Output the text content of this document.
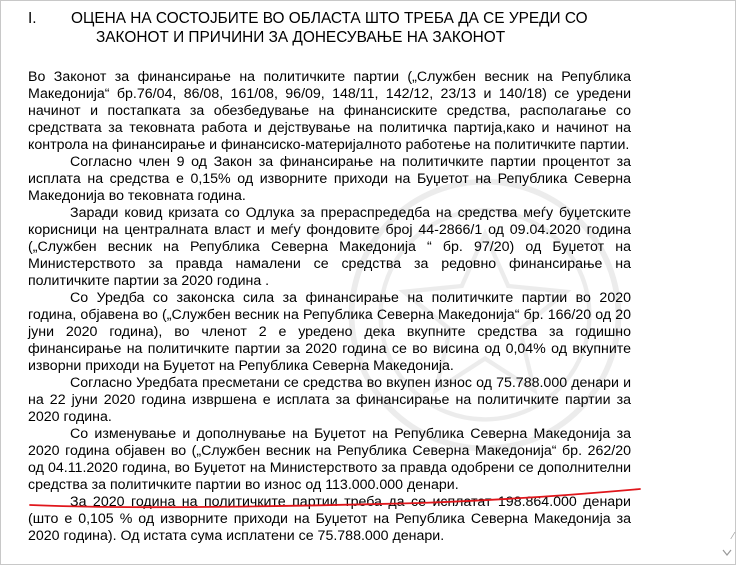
I. ОЦЕНА НА СОСТОЈБИТЕ ВО ОБЛАСТА ШТО ТРЕБА ДА СЕ УРЕДИ СО
ЗАКОНОТ И ПРИЧИНИ ЗА ДОНЕСУВАЊЕ НА ЗАКОНОТ

Во Законот за финансирање на политичките партии („Службен весник на Република Македонија“ бр.76/04, 86/08, 161/08, 96/09, 148/11, 142/12, 23/13 и 140/18) се уредени начинот и постапката за обезбедување на финансиските средства, располагање со средствата за тековната работа и дејствување на политичка партија,како и начинот на контрола на финансирање и финансиско-материјалното работење на политичките партии.

Согласно член 9 од Закон за финансирање на политичките партии процентот за исплата на средства е 0,15% од изворните приходи на Буџетот на Република Северна Македонија во тековната година.

Заради ковид кризата со Одлука за прераспредедба на средства меѓу буџетските корисници на централната власт и меѓу фондовите број 44-2866/1 од 09.04.2020 година („Службен весник на Република Северна Македонија “ бр. 97/20) од Буџетот на Министерството за правда намалени се средства за редовно финансирање на политичките партии за 2020 година .

Со Уредба со законска сила за финансирање на политичките партии во 2020 година, објавена во („Службен весник на Република Северна Македонија“ бр. 166/20 од 20 јуни 2020 година), во членот 2 е уредено дека вкупните средства за годишно финансирање на политичките партии за 2020 година се во висина од 0,04% од вкупните изворни приходи на Буџетот на Република Северна Македонија.

Согласно Уредбата пресметани се средства во вкупен износ од 75.788.000 денари и на 22 јуни 2020 година извршена е исплата за финансирање на политичките партии за 2020 година.

Со изменување и дополнување на Буџетот на Република Северна Македонија за 2020 година објавен во („Службен весник на Република Северна Македонија“ бр. 262/20 од 04.11.2020 година, во Буџетот на Министерството за правда одобрени се дополнителни средства за политичките партии во износ од 113.000.000 денари.

За 2020 година на политичките партии треба да се исплатат 198.864.000 денари (што е 0,105 % од изворните приходи на Буџетот на Република Северна Македонија за 2020 година). Од истата сума исплатени се 75.788.000 денари.	⁄
